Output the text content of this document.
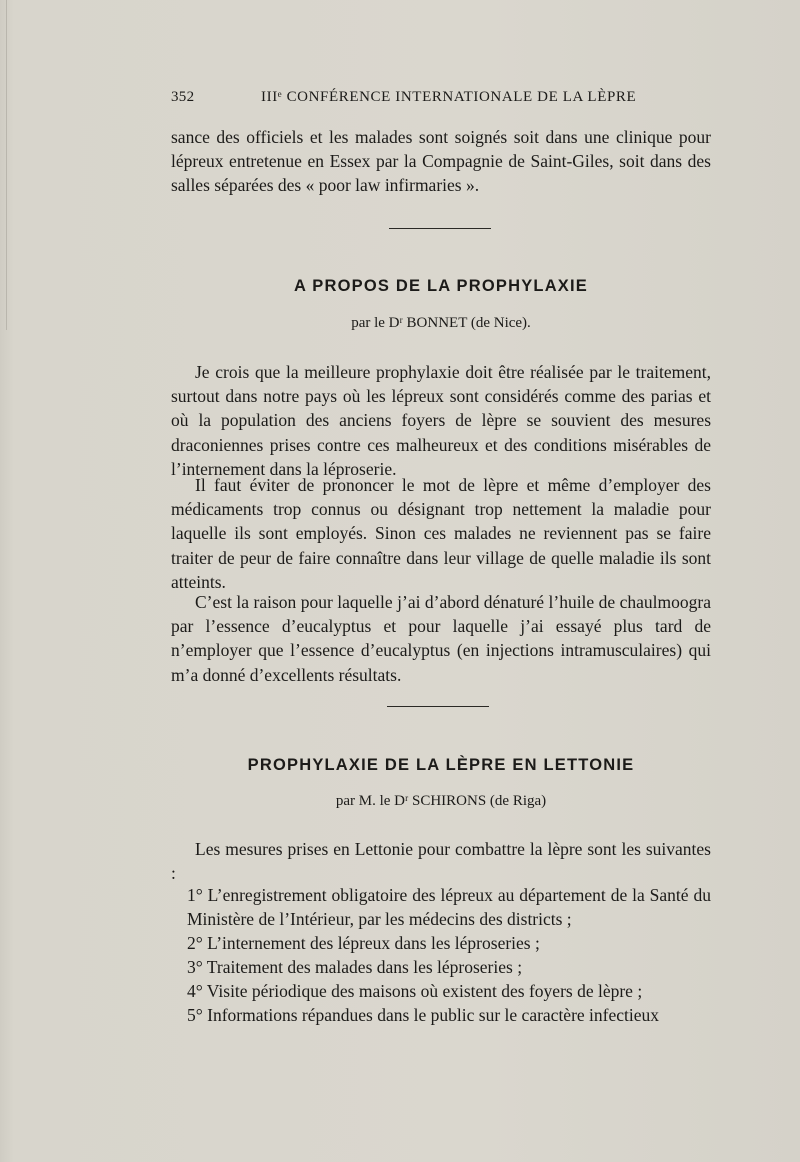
352	IIIᵉ CONFÉRENCE INTERNATIONALE DE LA LÈPRE

sance des officiels et les malades sont soignés soit dans une clinique pour lépreux entretenue en Essex par la Compagnie de Saint-Giles, soit dans des salles séparées des « poor law infirmaries ».

A PROPOS DE LA PROPHYLAXIE

par le Dʳ BONNET (de Nice).

Je crois que la meilleure prophylaxie doit être réalisée par le traitement, surtout dans notre pays où les lépreux sont considérés comme des parias et où la population des anciens foyers de lèpre se souvient des mesures draconiennes prises contre ces malheureux et des conditions misérables de l’internement dans la léproserie.

Il faut éviter de prononcer le mot de lèpre et même d’employer des médicaments trop connus ou désignant trop nettement la maladie pour laquelle ils sont employés. Sinon ces malades ne reviennent pas se faire traiter de peur de faire connaître dans leur village de quelle maladie ils sont atteints.

C’est la raison pour laquelle j’ai d’abord dénaturé l’huile de chaulmoogra par l’essence d’eucalyptus et pour laquelle j’ai essayé plus tard de n’employer que l’essence d’eucalyptus (en injections intramusculaires) qui m’a donné d’excellents résultats.

PROPHYLAXIE DE LA LÈPRE EN LETTONIE

par M. le Dʳ SCHIRONS (de Riga)

Les mesures prises en Lettonie pour combattre la lèpre sont les suivantes :

1° L’enregistrement obligatoire des lépreux au département de la Santé du Ministère de l’Intérieur, par les médecins des districts ;

2° L’internement des lépreux dans les léproseries ;

3° Traitement des malades dans les léproseries ;

4° Visite périodique des maisons où existent des foyers de lèpre ;

5° Informations répandues dans le public sur le caractère infectieux
